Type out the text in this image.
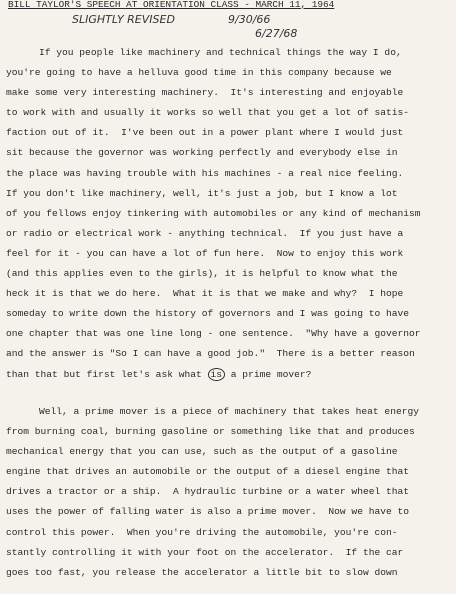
BILL TAYLOR'S SPEECH AT ORIENTATION CLASS - MARCH 11, 1964
SLIGHTLY REVISED	9/30/66
6/27/68
If you people like machinery and technical things the way I do,
you're going to have a helluva good time in this company because we
make some very interesting machinery.  It's interesting and enjoyable
to work with and usually it works so well that you get a lot of satis-
faction out of it.  I've been out in a power plant where I would just
sit because the governor was working perfectly and everybody else in
the place was having trouble with his machines - a real nice feeling.
If you don't like machinery, well, it's just a job, but I know a lot
of you fellows enjoy tinkering with automobiles or any kind of mechanism
or radio or electrical work - anything technical.  If you just have a
feel for it - you can have a lot of fun here.  Now to enjoy this work
(and this applies even to the girls), it is helpful to know what the
heck it is that we do here.  What it is that we make and why?  I hope
someday to write down the history of governors and I was going to have
one chapter that was one line long - one sentence.  "Why have a governor
and the answer is "So I can have a good job."  There is a better reason
than that but first let's ask what is a prime mover?
Well, a prime mover is a piece of machinery that takes heat energy
from burning coal, burning gasoline or something like that and produces
mechanical energy that you can use, such as the output of a gasoline
engine that drives an automobile or the output of a diesel engine that
drives a tractor or a ship.  A hydraulic turbine or a water wheel that
uses the power of falling water is also a prime mover.  Now we have to
control this power.  When you're driving the automobile, you're con-
stantly controlling it with your foot on the accelerator.  If the car
goes too fast, you release the accelerator a little bit to slow down
